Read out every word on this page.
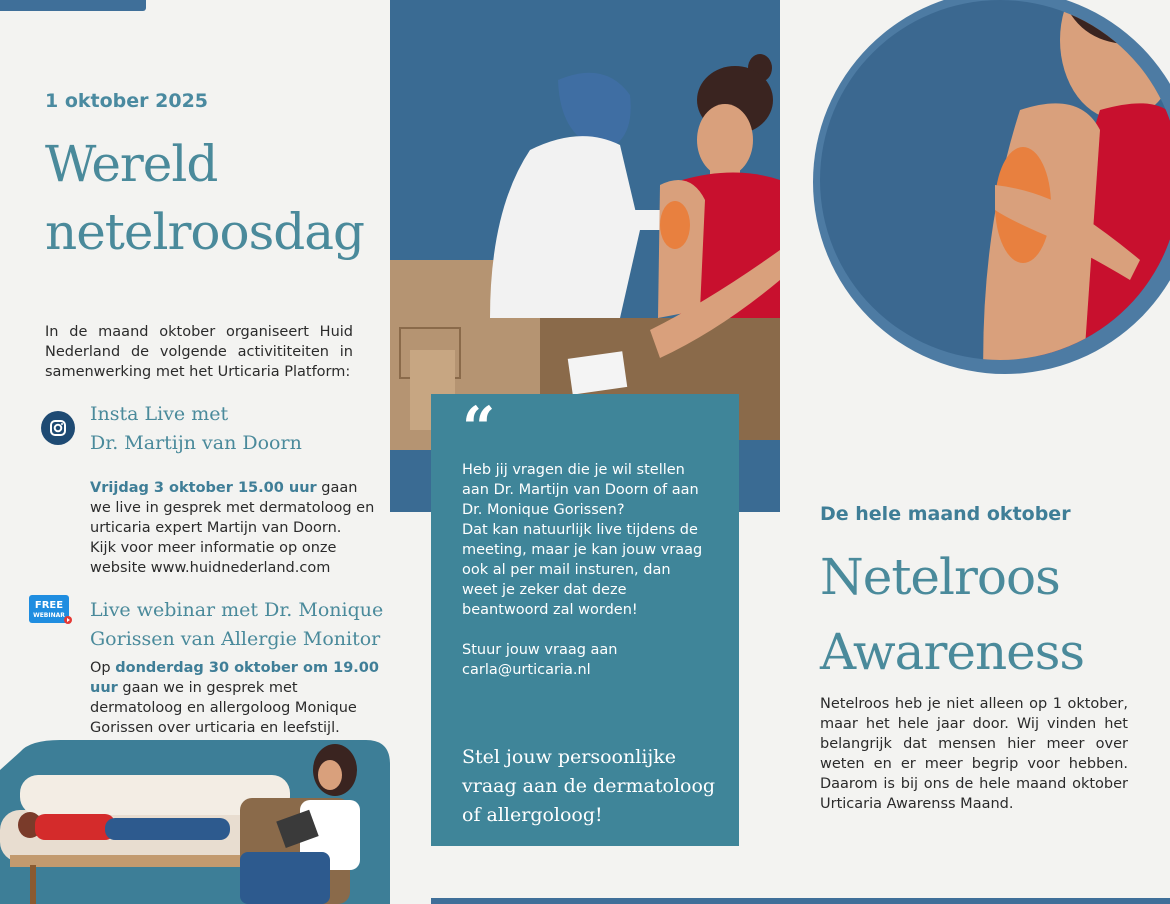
1 oktober 2025
Wereld
netelroosdag
In de maand oktober organiseert Huid Nederland de volgende activititeiten in samenwerking met het Urticaria Platform:
Insta Live met
Dr. Martijn van Doorn
Vrijdag 3 oktober 15.00 uur gaan we live in gesprek met dermatoloog en urticaria expert Martijn van Doorn.
Kijk voor meer informatie op onze website www.huidnederland.com
FREE
WEBINAR Live webinar met Dr. Monique
Gorissen van Allergie Monitor
Op donderdag 30 oktober om 19.00 uur gaan we in gesprek met dermatoloog en allergoloog Monique Gorissen over urticaria en leefstijl.
“
Heb jij vragen die je wil stellen
aan Dr. Martijn van Doorn of aan
Dr. Monique Gorissen?
Dat kan natuurlijk live tijdens de
meeting, maar je kan jouw vraag
ook al per mail insturen, dan
weet je zeker dat deze
beantwoord zal worden!
Stuur jouw vraag aan
carla@urticaria.nl
Stel jouw persoonlijke
vraag aan de dermatoloog
of allergoloog!
De hele maand oktober
Netelroos
Awareness
Netelroos heb je niet alleen op 1 oktober, maar het hele jaar door. Wij vinden het belangrijk dat mensen hier meer over weten en er meer begrip voor hebben. Daarom is bij ons de hele maand oktober Urticaria Awarenss Maand.
